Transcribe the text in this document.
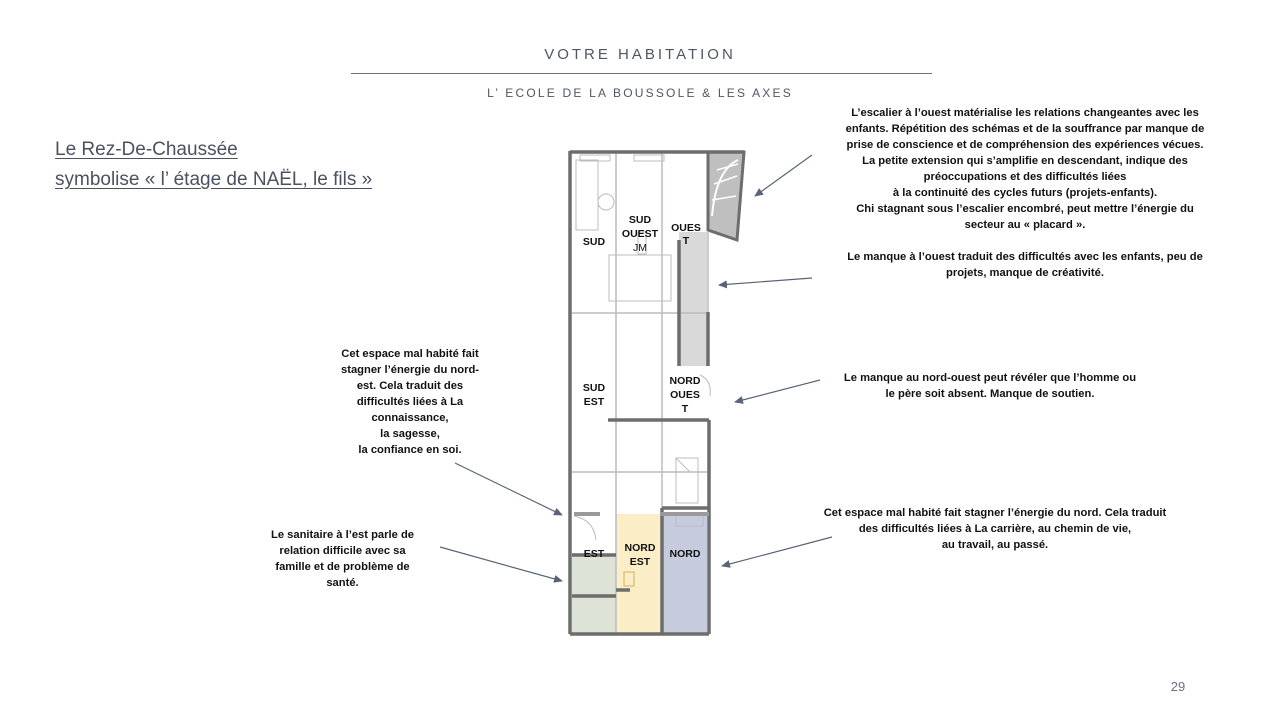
VOTRE HABITATION
L’ ECOLE DE LA BOUSSOLE & LES AXES
Le Rez-De-Chaussée
symbolise « l’ étage de NAËL, le fils »
SUD
SUD
OUEST
JM
OUES
T
SUD
EST
NORD
OUES
T
EST NORD
EST
NORD
L’escalier à l’ouest matérialise les relations changeantes avec les
enfants. Répétition des schémas et de la souffrance par manque de
prise de conscience et de compréhension des expériences vécues.
La petite extension qui s’amplifie en descendant, indique des
préoccupations et des difficultés liées
à la continuité des cycles futurs (projets-enfants).
Chi stagnant sous l’escalier encombré, peut mettre l’énergie du
secteur au « placard ».
Le manque à l’ouest traduit des difficultés avec les enfants, peu de
projets, manque de créativité.
Le manque au nord-ouest peut révéler que l’homme ou
le père soit absent. Manque de soutien.
Cet espace mal habité fait
stagner l’énergie du nord-
est. Cela traduit des
difficultés liées à La
connaissance,
la sagesse,
la confiance en soi.
Le sanitaire à l’est parle de
relation difficile avec sa
famille et de problème de
santé.
Cet espace mal habité fait stagner l’énergie du nord. Cela traduit
des difficultés liées à La carrière, au chemin de vie,
au travail, au passé.
29
